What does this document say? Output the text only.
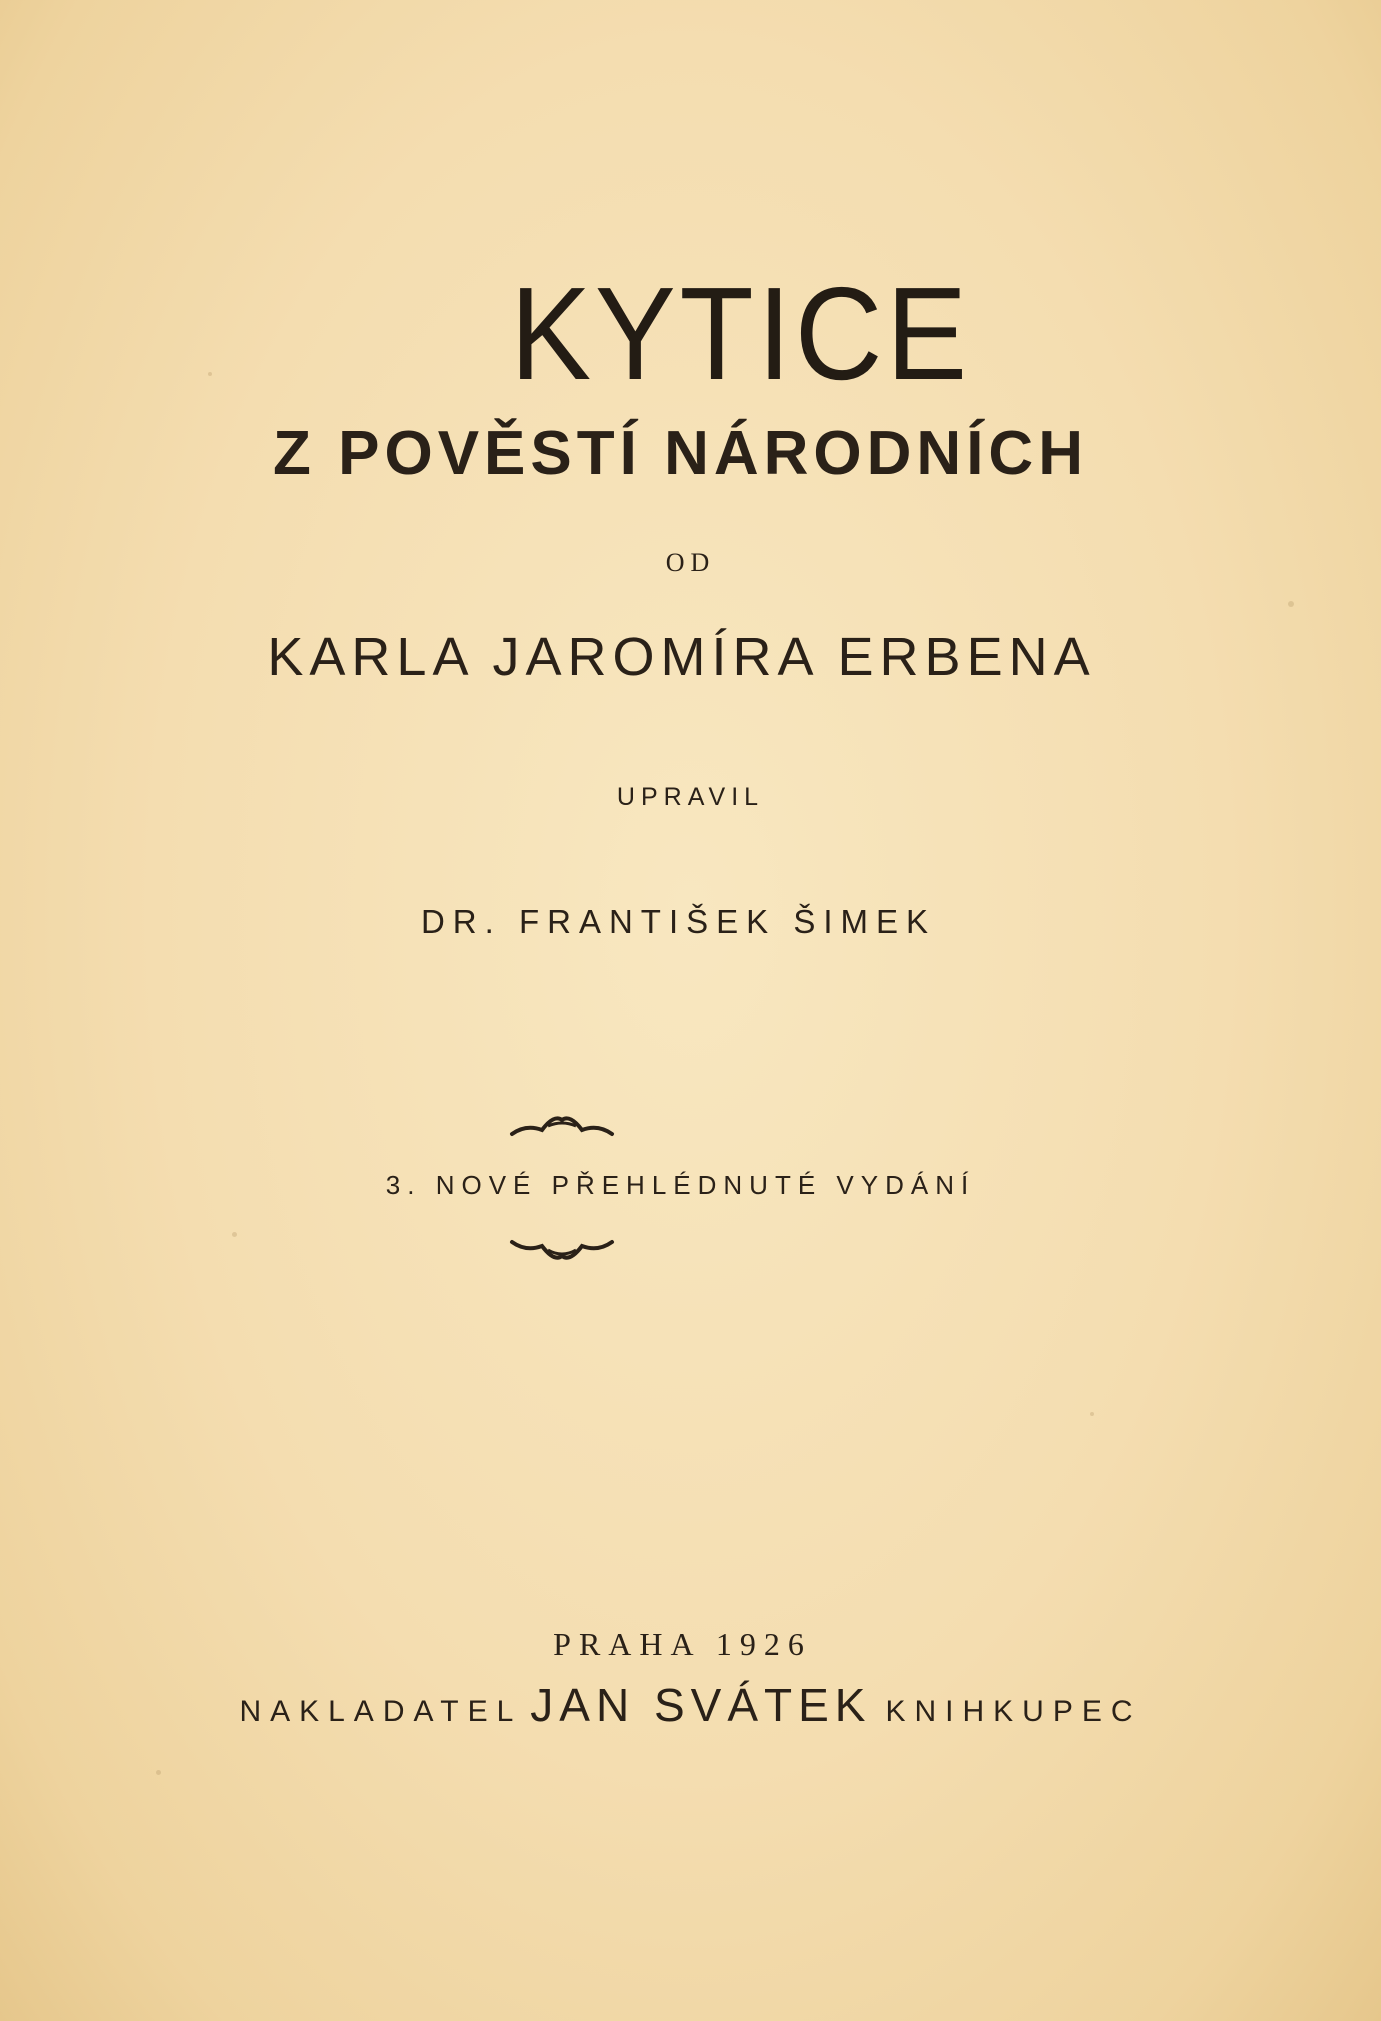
KYTICE
Z POVĚSTÍ NÁRODNÍCH

OD

KARLA JAROMÍRA ERBENA

UPRAVIL

DR. FRANTIŠEK ŠIMEK

3. NOVÉ PŘEHLÉDNUTÉ VYDÁNÍ

PRAHA 1926

NAKLADATEL JAN SVÁTEK KNIHKUPEC
